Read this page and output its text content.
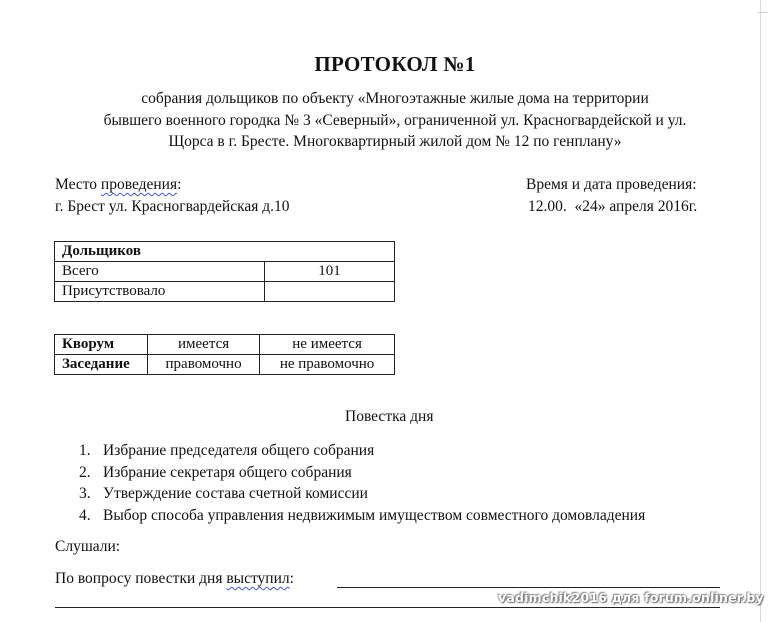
ПРОТОКОЛ №1
собрания дольщиков по объекту «Многоэтажные жилые дома на территории
бывшего военного городка № 3 «Северный», ограниченной ул. Красногвардейской и ул.
Щорса в г. Бресте. Многоквартирный жилой дом № 12 по генплану»
Место проведения:
г. Брест ул. Красногвардейская д.10
Время и дата проведения:
12.00.  «24» апреля 2016г.
Дольщиков	
Всего	101
Присутствовало	
Кворум	имеется	не имеется
Заседание	правомочно	не правомочно
Повестка дня
1. Избрание председателя общего собрания
2. Избрание секретаря общего собрания
3. Утверждение состава счетной комиссии
4. Выбор способа управления недвижимым имуществом совместного домовладения
Слушали:
По вопросу повестки дня выступил:
vadimchik2016 для forum.onliner.by
